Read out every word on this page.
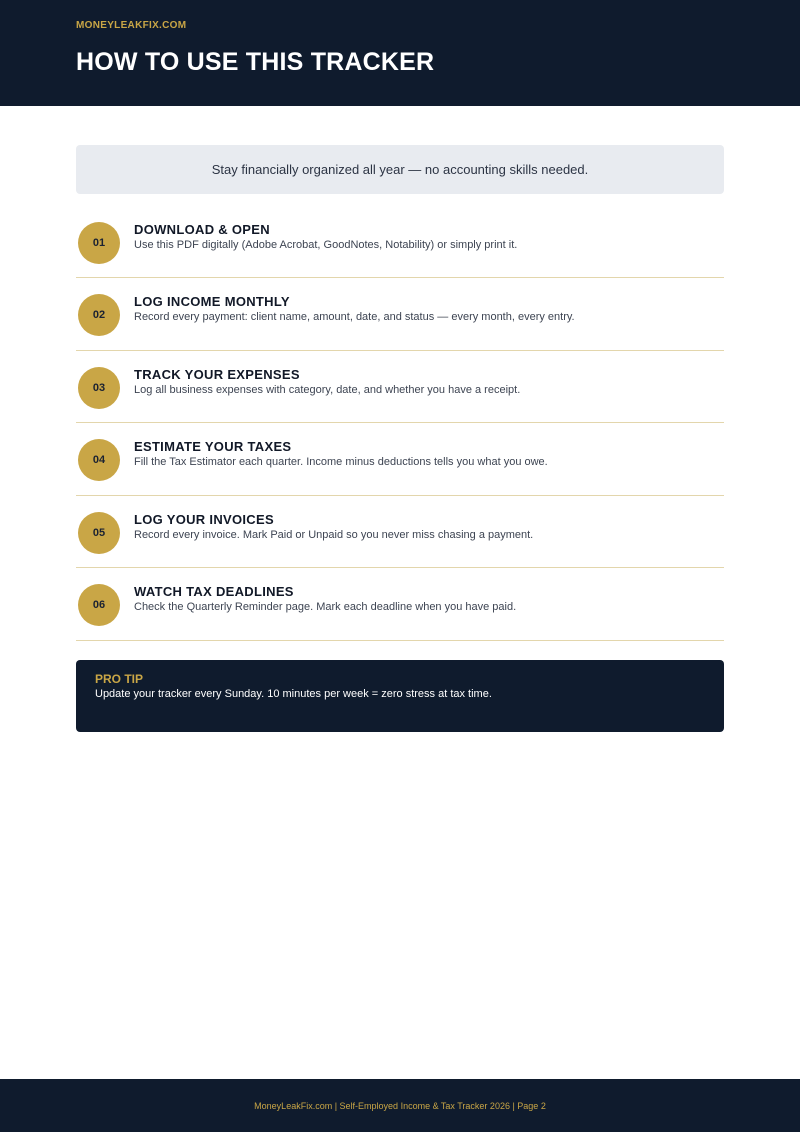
MONEYLEAKFIX.COM
HOW TO USE THIS TRACKER
Stay financially organized all year — no accounting skills needed.
01
DOWNLOAD & OPEN
Use this PDF digitally (Adobe Acrobat, GoodNotes, Notability) or simply print it.
02
LOG INCOME MONTHLY
Record every payment: client name, amount, date, and status — every month, every entry.
03
TRACK YOUR EXPENSES
Log all business expenses with category, date, and whether you have a receipt.
04
ESTIMATE YOUR TAXES
Fill the Tax Estimator each quarter. Income minus deductions tells you what you owe.
05
LOG YOUR INVOICES
Record every invoice. Mark Paid or Unpaid so you never miss chasing a payment.
06
WATCH TAX DEADLINES
Check the Quarterly Reminder page. Mark each deadline when you have paid.
PRO TIP
Update your tracker every Sunday. 10 minutes per week = zero stress at tax time.
MoneyLeakFix.com | Self-Employed Income & Tax Tracker 2026 | Page 2
